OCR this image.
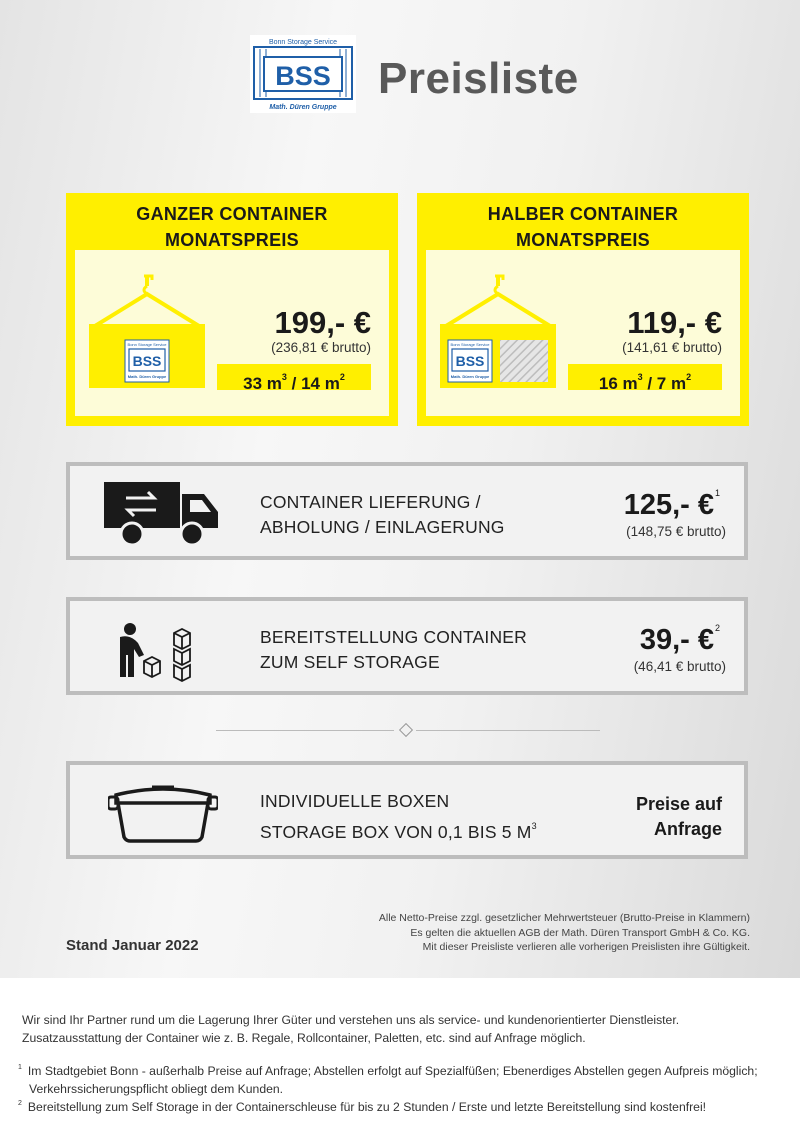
Bonn Storage Service
BSS
Math. Düren Gruppe
Preisliste
GANZER CONTAINER
MONATSPREIS
Bonn Storage Service
BSS
Math. Düren Gruppe
199,- €
(236,81 € brutto)
33 $m^3 / 14$ $m^2$
HALBER CONTAINER
MONATSPREIS
Bonn Storage Service
BSS
Math. Düren Gruppe
119,- €
(141,61 € brutto)
16 $m^3 / 7$ $m^2$
CONTAINER LIEFERUNG /
ABHOLUNG / EINLAGERUNG
125,- €$^1$
(148,75 € brutto)
BEREITSTELLUNG CONTAINER
ZUM SELF STORAGE
39,- €$^2$
(46,41 € brutto)
INDIVIDUELLE BOXEN
STORAGE BOX VON 0,1 BIS 5 $M^3$
Preise auf
Anfrage
Stand Januar 2022
Alle Netto-Preise zzgl. gesetzlicher Mehrwertsteuer (Brutto-Preise in Klammern)
Es gelten die aktuellen AGB der Math. Düren Transport GmbH & Co. KG.
Mit dieser Preisliste verlieren alle vorherigen Preislisten ihre Gültigkeit.
Wir sind Ihr Partner rund um die Lagerung Ihrer Güter und verstehen uns als service- und kundenorientierter Dienstleister.
Zusatzausstattung der Container wie z. B. Regale, Rollcontainer, Paletten, etc. sind auf Anfrage möglich.
$^1$ Im Stadtgebiet Bonn - außerhalb Preise auf Anfrage; Abstellen erfolgt auf Spezialfüßen; Ebenerdiges Abstellen gegen Aufpreis möglich;
Verkehrssicherungspflicht obliegt dem Kunden.
$^2$ Bereitstellung zum Self Storage in der Containerschleuse für bis zu 2 Stunden / Erste und letzte Bereitstellung sind kostenfrei!
